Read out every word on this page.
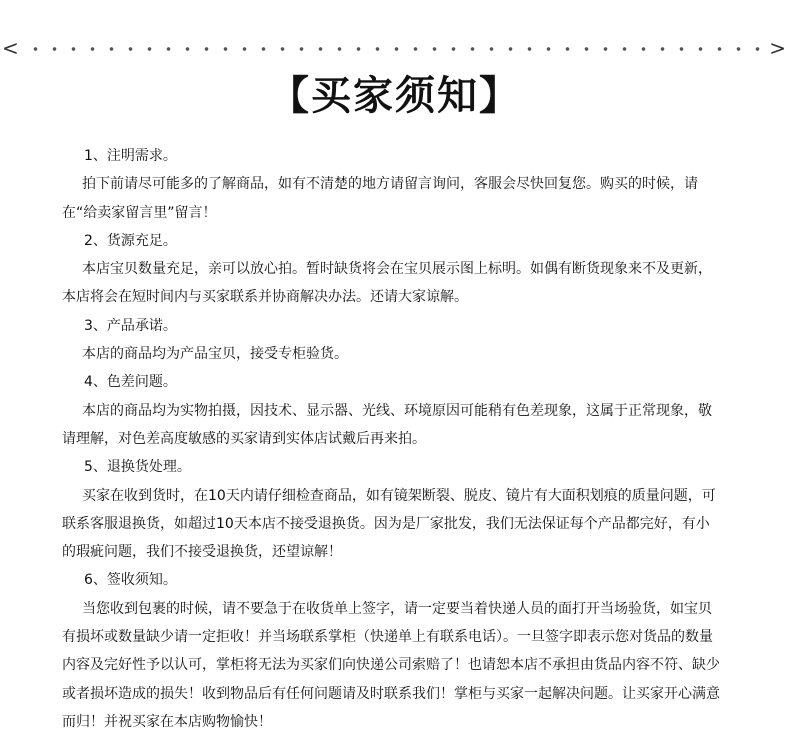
<	>
【买家须知】
1、注明需求。
拍下前请尽可能多的了解商品，如有不清楚的地方请留言询问，客服会尽快回复您。购买的时候，请在“给卖家留言里”留言！
2、货源充足。
本店宝贝数量充足，亲可以放心拍。暂时缺货将会在宝贝展示图上标明。如偶有断货现象来不及更新，本店将会在短时间内与买家联系并协商解决办法。还请大家谅解。
3、产品承诺。
本店的商品均为产品宝贝，接受专柜验货。
4、色差问题。
本店的商品均为实物拍摄，因技术、显示器、光线、环境原因可能稍有色差现象，这属于正常现象，敬请理解，对色差高度敏感的买家请到实体店试戴后再来拍。
5、退换货处理。
买家在收到货时，在10天内请仔细检查商品，如有镜架断裂、脱皮、镜片有大面积划痕的质量问题，可联系客服退换货，如超过10天本店不接受退换货。因为是厂家批发，我们无法保证每个产品都完好，有小的瑕疵问题，我们不接受退换货，还望谅解！
6、签收须知。
当您收到包裹的时候，请不要急于在收货单上签字，请一定要当着快递人员的面打开当场验货，如宝贝有损坏或数量缺少请一定拒收！并当场联系掌柜（快递单上有联系电话）。一旦签字即表示您对货品的数量内容及完好性予以认可，掌柜将无法为买家们向快递公司索赔了！也请恕本店不承担由货品内容不符、缺少或者损坏造成的损失！收到物品后有任何问题请及时联系我们！掌柜与买家一起解决问题。让买家开心满意而归！并祝买家在本店购物愉快！
